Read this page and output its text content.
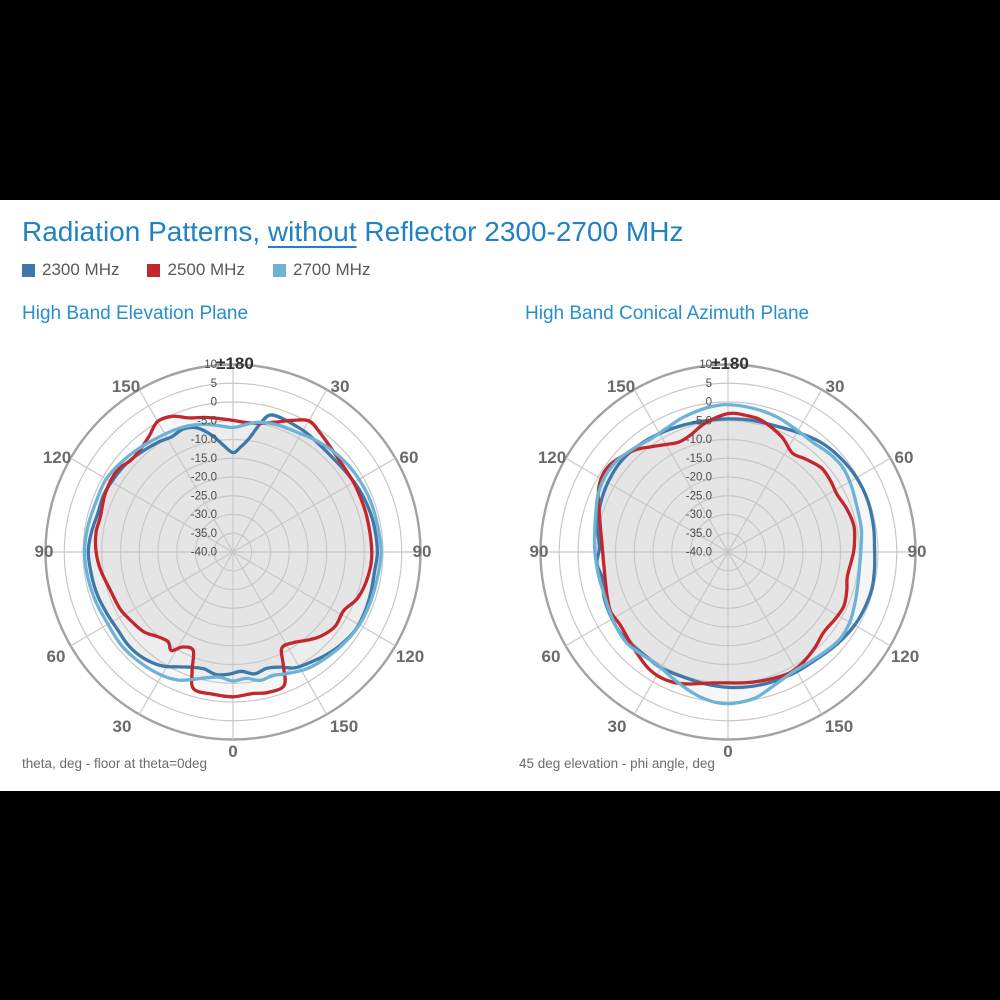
Radiation Patterns, without Reflector 2300-2700 MHz
2300 MHz	2500 MHz	2700 MHz
High Band Elevation Plane	High Band Conical Azimuth Plane
10
5
0
-5.0
-10.0
-15.0
-20.0
-25.0
-30.0
-35.0
-40.0
±180
30
60
90
120
150
0
30
60
90
120
150
10
5
0
-5.0
-10.0
-15.0
-20.0
-25.0
-30.0
-35.0
-40.0
±180
30
60
90
120
150
0
30
60
90
120
150
theta, deg - floor at theta=0deg	45 deg elevation - phi angle, deg
